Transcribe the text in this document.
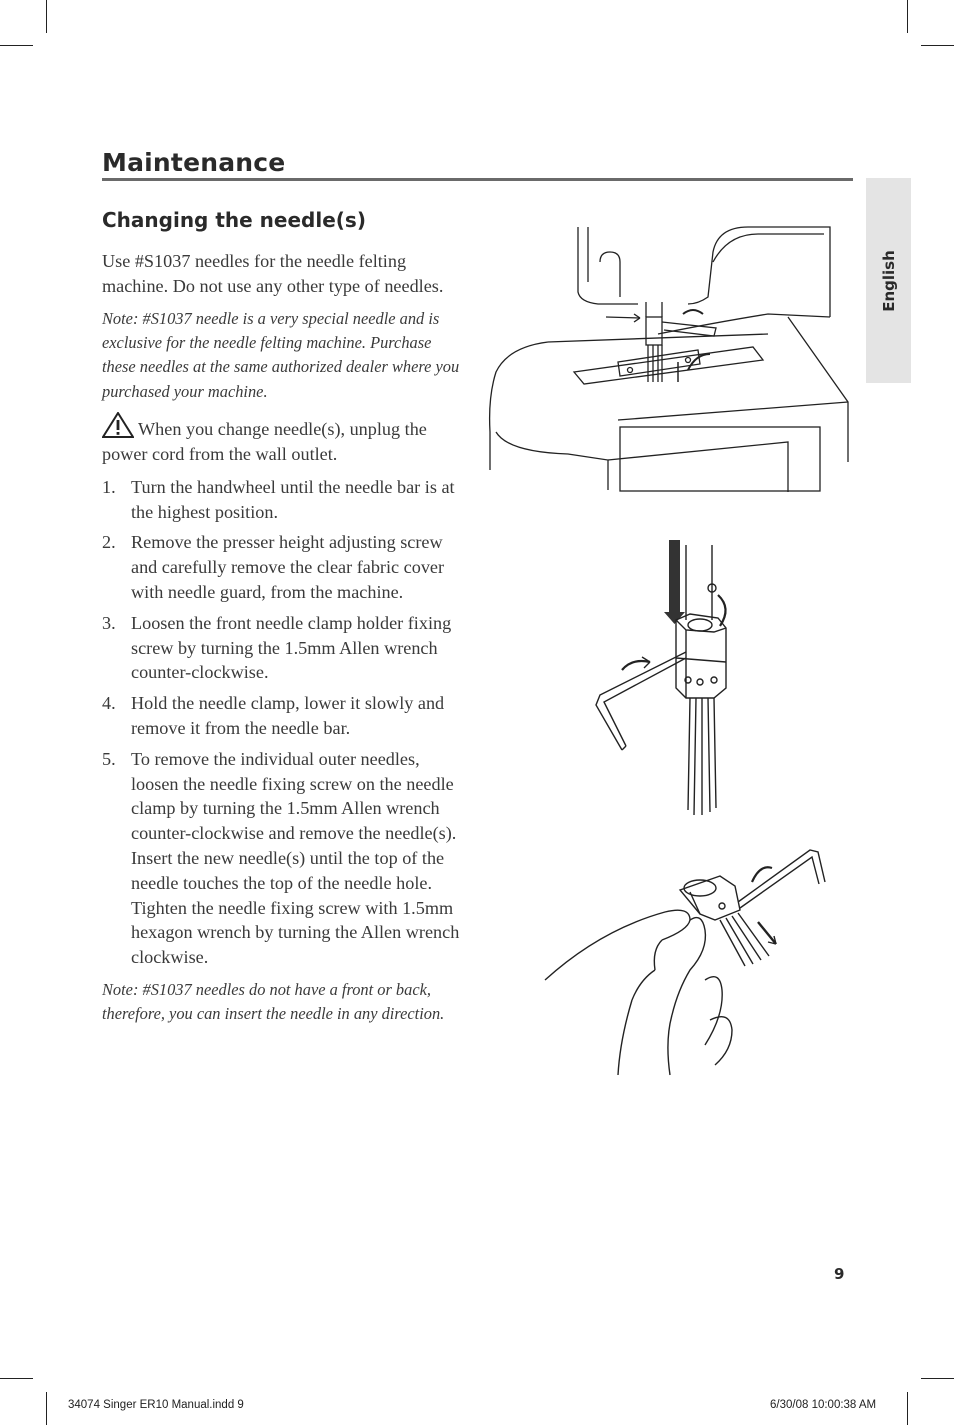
Maintenance
English
Changing the needle(s)

Use #S1037 needles for the needle felting machine. Do not use any other type of needles.

Note: #S1037 needle is a very special needle and is exclusive for the needle felting machine. Purchase these needles at the same authorized dealer where you purchased your machine.

When you change needle(s), unplug the power cord from the wall outlet.

1. Turn the handwheel until the needle bar is at the highest position.
2. Remove the presser height adjusting screw and carefully remove the clear fabric cover with needle guard, from the machine.
3. Loosen the front needle clamp holder fixing screw by turning the 1.5mm Allen wrench counter-clockwise.
4. Hold the needle clamp, lower it slowly and remove it from the needle bar.
5. To remove the individual outer needles, loosen the needle fixing screw on the needle clamp by turning the 1.5mm Allen wrench counter-clockwise and remove the needle(s). Insert the new needle(s) until the top of the needle touches the top of the needle hole. Tighten the needle fixing screw with 1.5mm hexagon wrench by turning the Allen wrench clockwise.

Note: #S1037 needles do not have a front or back, therefore, you can insert the needle in any direction.

9
34074 Singer ER10 Manual.indd 9	6/30/08 10:00:38 AM
